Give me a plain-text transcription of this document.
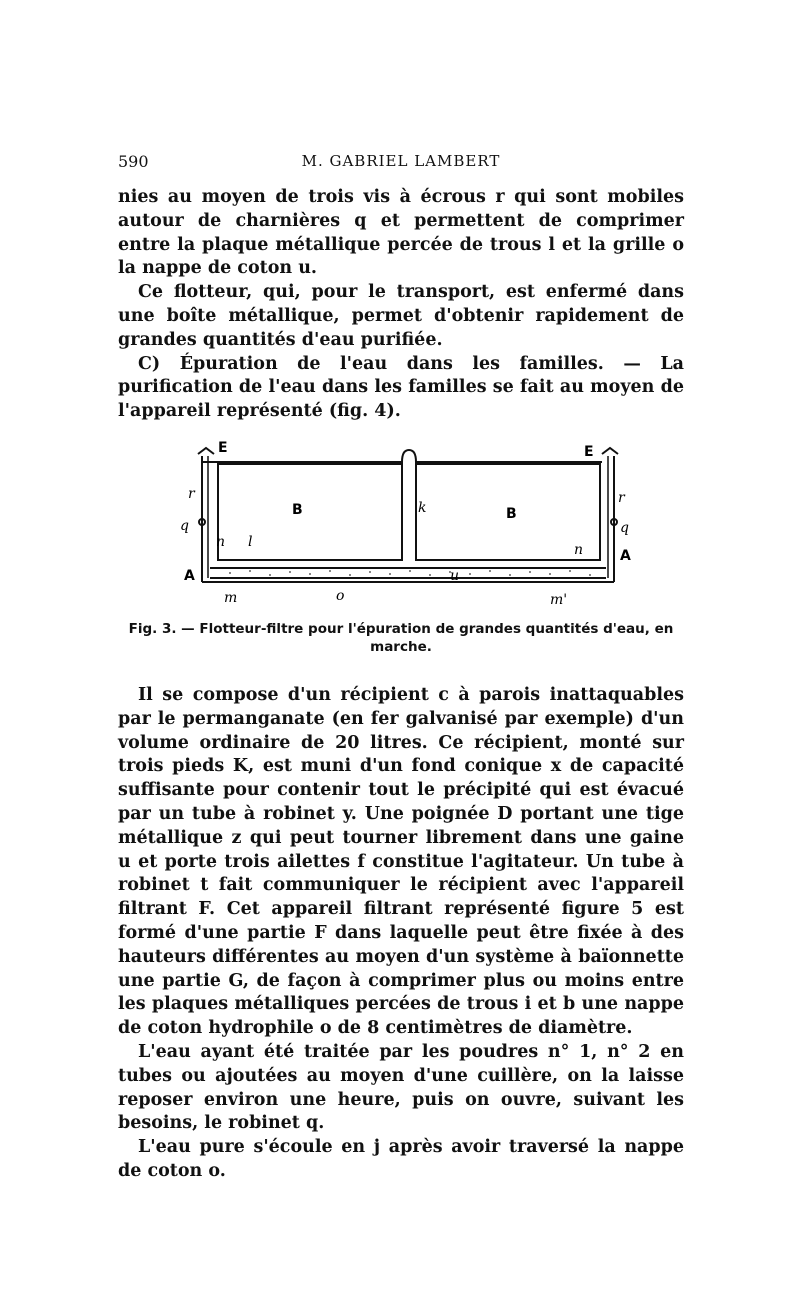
590	M. GABRIEL LAMBERT
nies au moyen de trois vis à écrous r qui sont mobiles autour de charnières q et permettent de comprimer entre la plaque métallique percée de trous l et la grille o la nappe de coton u.
Ce flotteur, qui, pour le transport, est enfermé dans une boîte métallique, permet d'obtenir rapidement de grandes quantités d'eau purifiée.
C) Épuration de l'eau dans les familles. — La purification de l'eau dans les familles se fait au moyen de l'appareil représenté (fig. 4).
E	E
B	B
k
r	r
q	q
n	n
l
A
A
m	m'
o
u
Fig. 3. — Flotteur-filtre pour l'épuration de grandes quantités d'eau, en marche.
Il se compose d'un récipient c à parois inattaquables par le permanganate (en fer galvanisé par exemple) d'un volume ordinaire de 20 litres. Ce récipient, monté sur trois pieds K, est muni d'un fond conique x de capacité suffisante pour contenir tout le précipité qui est évacué par un tube à robinet y. Une poignée D portant une tige métallique z qui peut tourner librement dans une gaine u et porte trois ailettes f constitue l'agitateur. Un tube à robinet t fait communiquer le récipient avec l'appareil filtrant F. Cet appareil filtrant représenté figure 5 est formé d'une partie F dans laquelle peut être fixée à des hauteurs différentes au moyen d'un système à baïonnette une partie G, de façon à comprimer plus ou moins entre les plaques métalliques percées de trous i et b une nappe de coton hydrophile o de 8 centimètres de diamètre.
L'eau ayant été traitée par les poudres n° 1, n° 2 en tubes ou ajoutées au moyen d'une cuillère, on la laisse reposer environ une heure, puis on ouvre, suivant les besoins, le robinet q.
L'eau pure s'écoule en j après avoir traversé la nappe de coton o.
